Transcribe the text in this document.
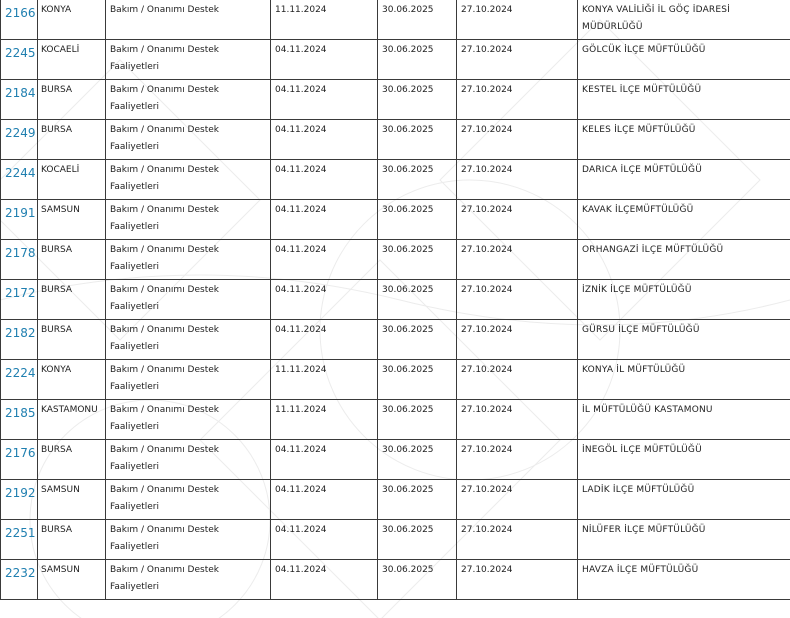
2166	KONYA	Bakım / Onanımı Destek	11.11.2024	30.06.2025	27.10.2024	KONYA VALİLİĞİ İL GÖÇ İDARESİ MÜDÜRLÜĞÜ

2245	KOCAELİ	Bakım / Onanımı Destek Faaliyetleri	04.11.2024	30.06.2025	27.10.2024	GÖLCÜK İLÇE MÜFTÜLÜĞÜ

2184	BURSA	Bakım / Onanımı Destek Faaliyetleri	04.11.2024	30.06.2025	27.10.2024	KESTEL İLÇE MÜFTÜLÜĞÜ

2249	BURSA	Bakım / Onanımı Destek Faaliyetleri	04.11.2024	30.06.2025	27.10.2024	KELES İLÇE MÜFTÜLÜĞÜ

2244	KOCAELİ	Bakım / Onanımı Destek Faaliyetleri	04.11.2024	30.06.2025	27.10.2024	DARICA İLÇE MÜFTÜLÜĞÜ

2191	SAMSUN	Bakım / Onanımı Destek Faaliyetleri	04.11.2024	30.06.2025	27.10.2024	KAVAK İLÇEMÜFTÜLÜĞÜ

2178	BURSA	Bakım / Onanımı Destek Faaliyetleri	04.11.2024	30.06.2025	27.10.2024	ORHANGAZİ İLÇE MÜFTÜLÜĞÜ

2172	BURSA	Bakım / Onanımı Destek Faaliyetleri	04.11.2024	30.06.2025	27.10.2024	İZNİK İLÇE MÜFTÜLÜĞÜ

2182	BURSA	Bakım / Onanımı Destek Faaliyetleri	04.11.2024	30.06.2025	27.10.2024	GÜRSU İLÇE MÜFTÜLÜĞÜ

2224	KONYA	Bakım / Onanımı Destek Faaliyetleri	11.11.2024	30.06.2025	27.10.2024	KONYA İL MÜFTÜLÜĞÜ

2185	KASTAMONU	Bakım / Onanımı Destek Faaliyetleri	11.11.2024	30.06.2025	27.10.2024	İL MÜFTÜLÜĞÜ KASTAMONU

2176	BURSA	Bakım / Onanımı Destek Faaliyetleri	04.11.2024	30.06.2025	27.10.2024	İNEGÖL İLÇE MÜFTÜLÜĞÜ

2192	SAMSUN	Bakım / Onanımı Destek Faaliyetleri	04.11.2024	30.06.2025	27.10.2024	LADİK İLÇE MÜFTÜLÜĞÜ

2251	BURSA	Bakım / Onanımı Destek Faaliyetleri	04.11.2024	30.06.2025	27.10.2024	NİLÜFER İLÇE MÜFTÜLÜĞÜ

2232	SAMSUN	Bakım / Onanımı Destek Faaliyetleri	04.11.2024	30.06.2025	27.10.2024	HAVZA İLÇE MÜFTÜLÜĞÜ
